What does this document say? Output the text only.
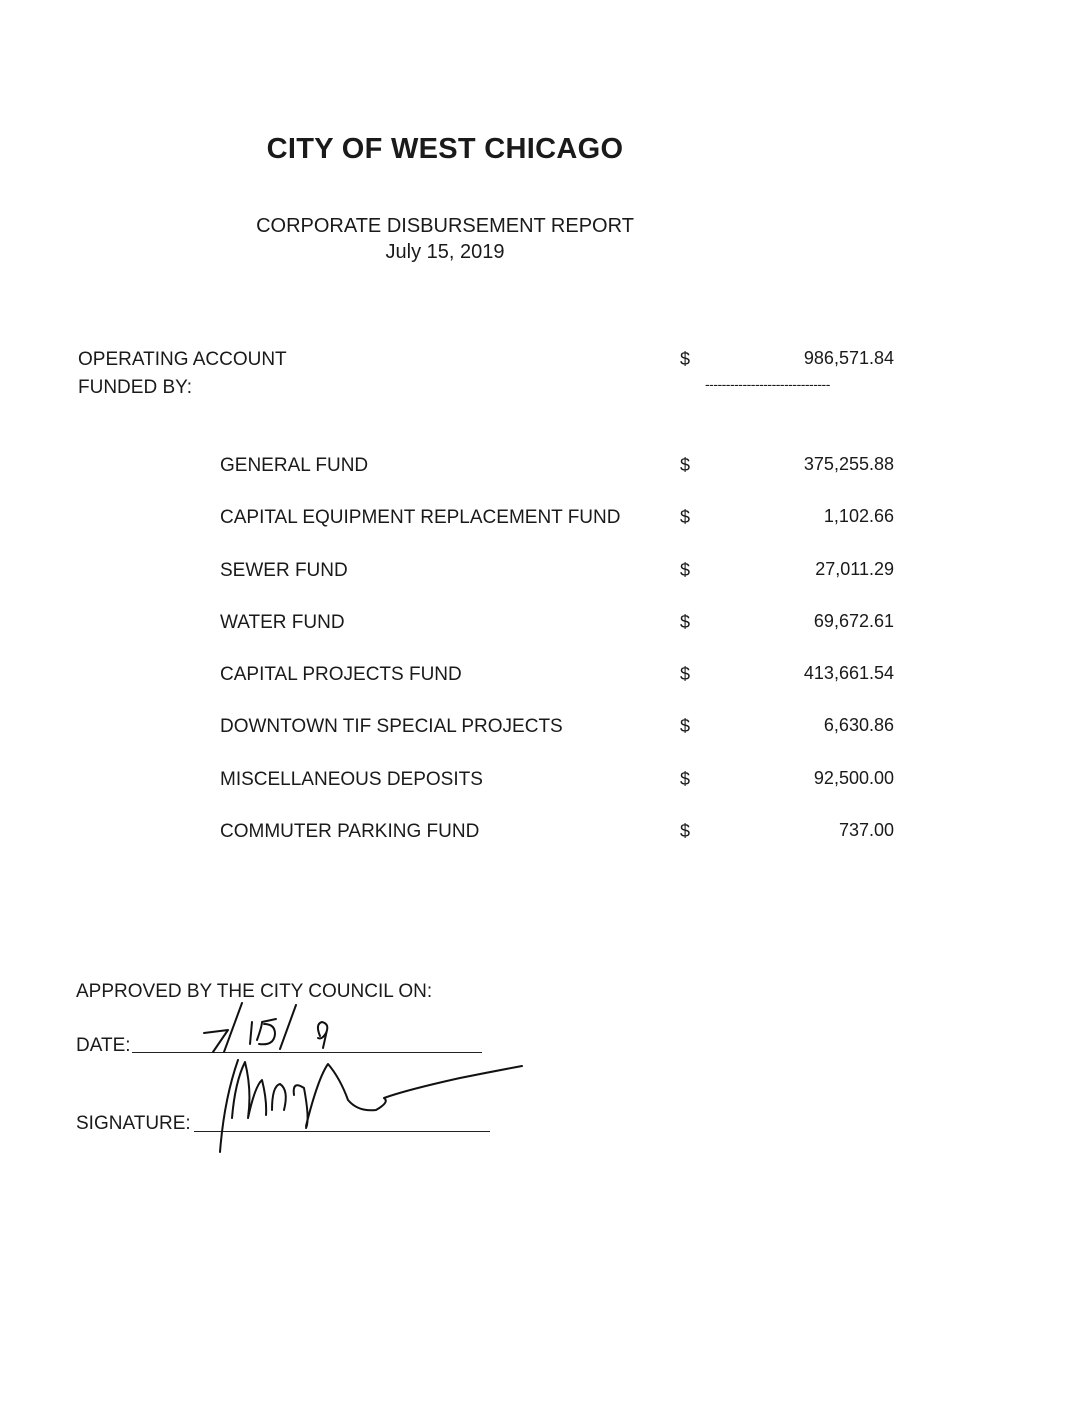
CITY OF WEST CHICAGO
CORPORATE DISBURSEMENT REPORT
July 15, 2019
OPERATING ACCOUNT	$	986,571.84
FUNDED BY:	------------------------------
GENERAL FUND	$	375,255.88
CAPITAL EQUIPMENT REPLACEMENT FUND	$	1,102.66
SEWER FUND	$	27,011.29
WATER FUND	$	69,672.61
CAPITAL PROJECTS FUND	$	413,661.54
DOWNTOWN TIF SPECIAL PROJECTS	$	6,630.86
MISCELLANEOUS DEPOSITS	$	92,500.00
COMMUTER PARKING FUND	$	737.00
APPROVED BY THE CITY COUNCIL ON:
DATE:
SIGNATURE:
